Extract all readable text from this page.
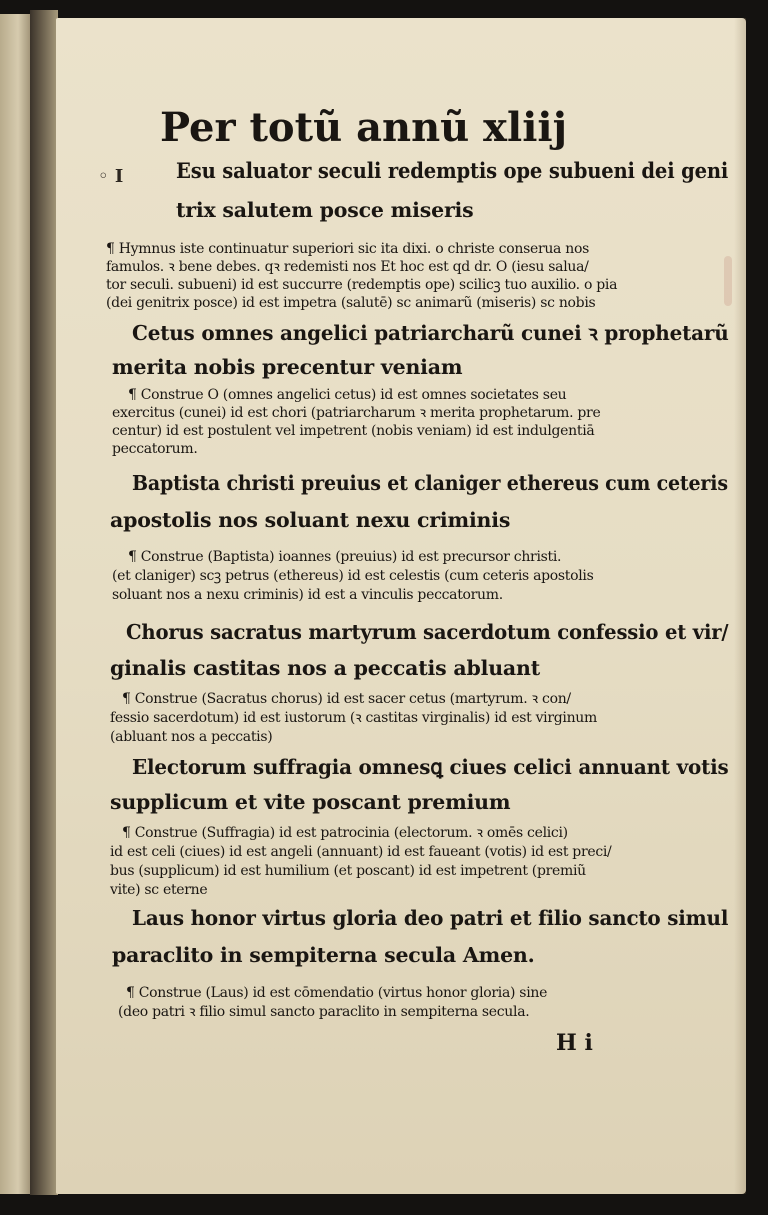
Per totũ annũ xliij
◦ I	Esu saluator seculi redemptis ope subueni dei geni
trix salutem posce miseris
¶ Hymnus iste continuatur superiori sic ita dixi. o christe conserua nos
famulos. ꝛ bene debes. qꝛ redemisti nos Et hoc est qd dr. O (iesu salua/
tor seculi. subueni) id est succurre (redemptis ope) scilicꝫ tuo auxilio. o pia
(dei genitrix posce) id est impetra (salutē) sc animarũ (miseris) sc nobis
Cetus omnes angelici patriarcharũ cunei ꝛ prophetarũ
merita nobis precentur veniam
¶ Construe O (omnes angelici cetus) id est omnes societates seu
exercitus (cunei) id est chori (patriarcharum ꝛ merita prophetarum. pre
centur) id est postulent vel impetrent (nobis veniam) id est indulgentiā
peccatorum.
Baptista christi preuius et claniger ethereus cum ceteris
apostolis nos soluant nexu criminis
¶ Construe (Baptista) ioannes (preuius) id est precursor christi.
(et claniger) scꝫ petrus (ethereus) id est celestis (cum ceteris apostolis
soluant nos a nexu criminis) id est a vinculis peccatorum.
Chorus sacratus martyrum sacerdotum confessio et vir/
ginalis castitas nos a peccatis abluant
¶ Construe (Sacratus chorus) id est sacer cetus (martyrum. ꝛ con/
fessio sacerdotum) id est iustorum (ꝛ castitas virginalis) id est virginum
(abluant nos a peccatis)
Electorum suffragia omnesꝗ ciues celici annuant votis
supplicum et vite poscant premium
¶ Construe (Suffragia) id est patrocinia (electorum. ꝛ omēs celici)
id est celi (ciues) id est angeli (annuant) id est faueant (votis) id est preci/
bus (supplicum) id est humilium (et poscant) id est impetrent (premiũ
vite) sc eterne
Laus honor virtus gloria deo patri et filio sancto simul
paraclito in sempiterna secula Amen.
¶ Construe (Laus) id est cōmendatio (virtus honor gloria) sine
(deo patri ꝛ filio simul sancto paraclito in sempiterna secula.
H i
